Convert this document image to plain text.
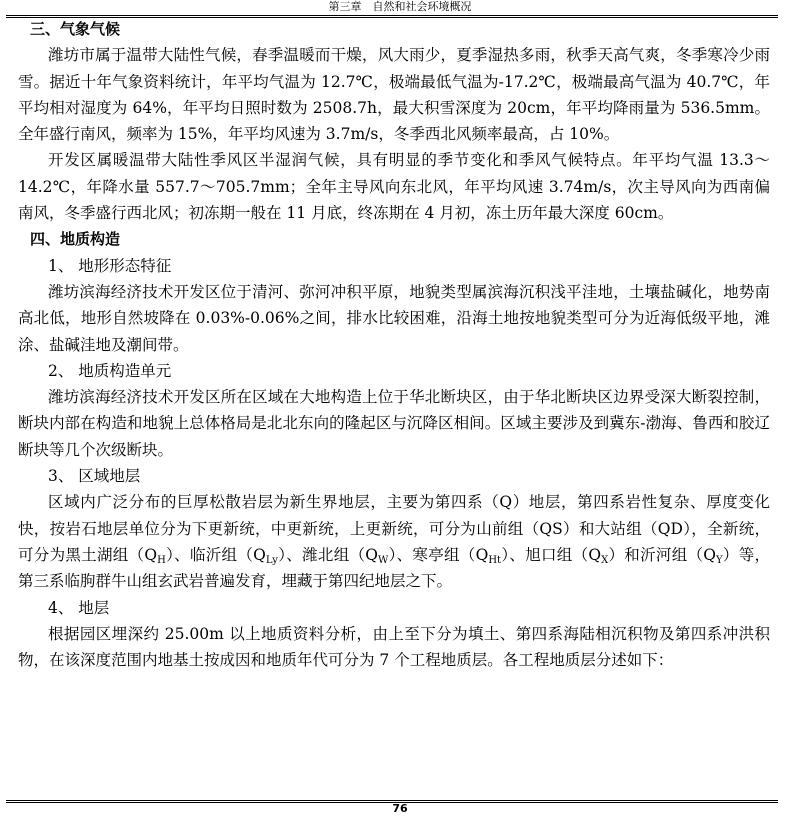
第三章　自然和社会环境概况

三、气象气候

潍坊市属于温带大陆性气候，春季温暖而干燥，风大雨少，夏季湿热多雨，秋季天高气爽，冬季寒冷少雨雪。据近十年气象资料统计，年平均气温为 12.7℃，极端最低气温为-17.2℃，极端最高气温为 40.7℃，年平均相对湿度为 64%，年平均日照时数为 2508.7h，最大积雪深度为 20cm，年平均降雨量为 536.5mm。全年盛行南风，频率为 15%，年平均风速为 3.7m/s，冬季西北风频率最高，占 10%。

开发区属暖温带大陆性季风区半湿润气候，具有明显的季节变化和季风气候特点。年平均气温 13.3～14.2℃，年降水量 557.7～705.7mm；全年主导风向东北风，年平均风速 3.74m/s，次主导风向为西南偏南风，冬季盛行西北风；初冻期一般在 11 月底，终冻期在 4 月初，冻土历年最大深度 60cm。

四、地质构造

1、 地形形态特征

潍坊滨海经济技术开发区位于清河、弥河冲积平原，地貌类型属滨海沉积浅平洼地，土壤盐碱化，地势南高北低，地形自然坡降在 0.03%-0.06%之间，排水比较困难，沿海土地按地貌类型可分为近海低级平地，滩涂、盐碱洼地及潮间带。

2、 地质构造单元

潍坊滨海经济技术开发区所在区域在大地构造上位于华北断块区，由于华北断块区边界受深大断裂控制，断块内部在构造和地貌上总体格局是北北东向的隆起区与沉降区相间。区域主要涉及到冀东-渤海、鲁西和胶辽断块等几个次级断块。

3、 区域地层

区域内广泛分布的巨厚松散岩层为新生界地层，主要为第四系（Q）地层，第四系岩性复杂、厚度变化快，按岩石地层单位分为下更新统，中更新统，上更新统，可分为山前组（QS）和大站组（QD），全新统，可分为黑土湖组$(Q_H)$、临沂组$(Q_{Ly})$、潍北组$(Q_W)$、寒亭组$(Q_{Ht})$、旭口组$(Q_X)$和沂河组$(Q_Y)$等，第三系临朐群牛山组玄武岩普遍发育，埋藏于第四纪地层之下。

4、 地层

根据园区埋深约 25.00m 以上地质资料分析，由上至下分为填土、第四系海陆相沉积物及第四系冲洪积物，在该深度范围内地基土按成因和地质年代可分为 7 个工程地质层。各工程地质层分述如下：

76
